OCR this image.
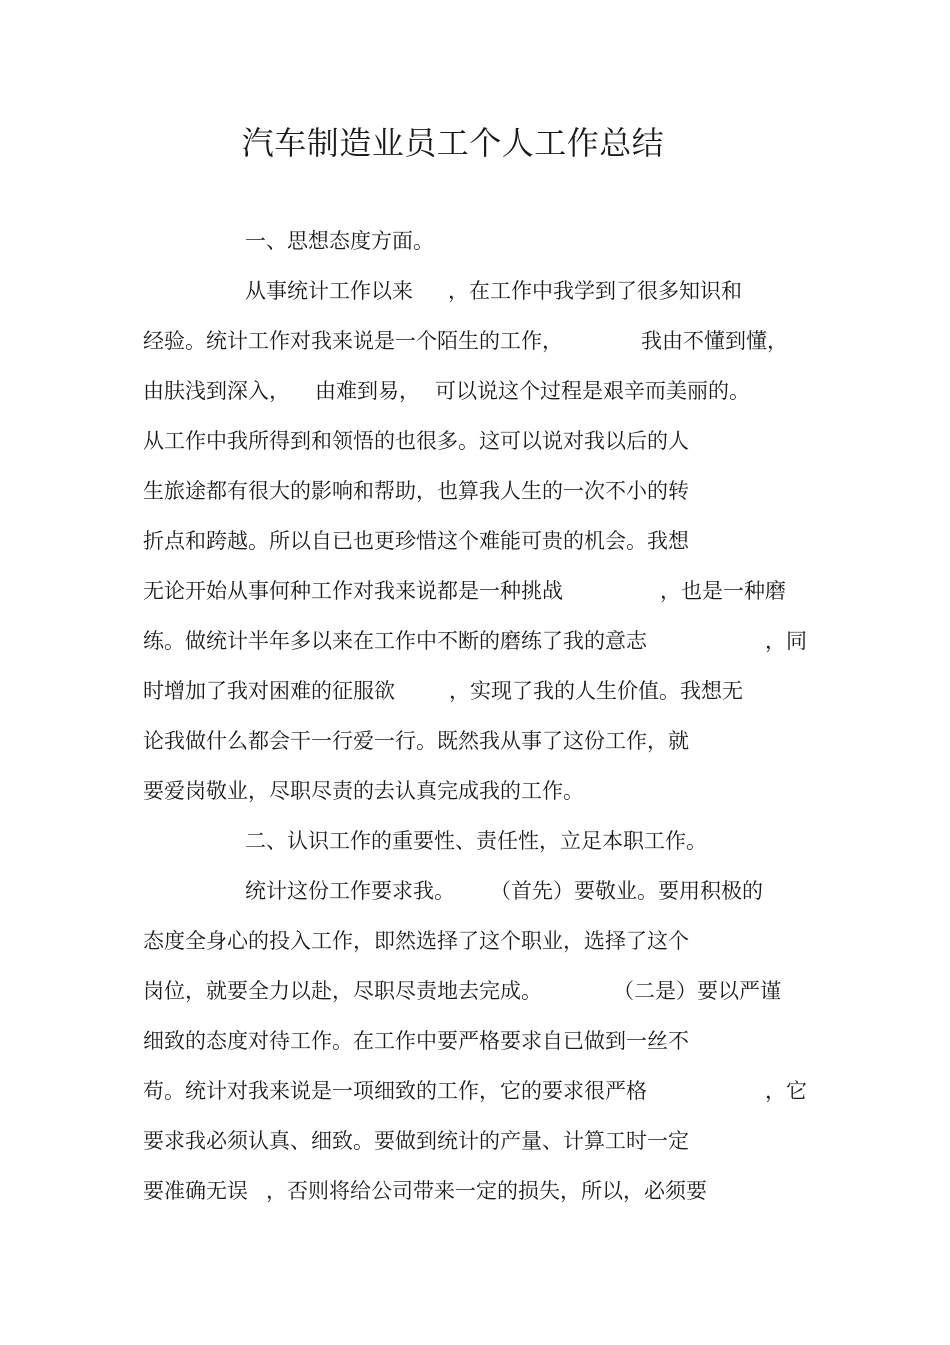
汽车制造业员工个人工作总结
一、思想态度方面。
从事统计工作以来 ，在工作中我学到了很多知识和
经验。统计工作对我来说是一个陌生的工作，	我由不懂到懂，
由肤浅到深入， 由难到易， 可以说这个过程是艰辛而美丽的。
从工作中我所得到和领悟的也很多。这可以说对我以后的人
生旅途都有很大的影响和帮助，也算我人生的一次不小的转
折点和跨越。所以自已也更珍惜这个难能可贵的机会。我想
无论开始从事何种工作对我来说都是一种挑战	，也是一种磨
练。做统计半年多以来在工作中不断的磨练了我的意志	，同
时增加了我对困难的征服欲	，实现了我的人生价值。我想无
论我做什么都会干一行爱一行。既然我从事了这份工作，就
要爱岗敬业，尽职尽责的去认真完成我的工作。
二、认识工作的重要性、责任性，立足本职工作。
统计这份工作要求我。 （首先）要敬业。要用积极的
态度全身心的投入工作，即然选择了这个职业，选择了这个
岗位，就要全力以赴，尽职尽责地去完成。	（二是）要以严谨
细致的态度对待工作。在工作中要严格要求自已做到一丝不
苟。统计对我来说是一项细致的工作，它的要求很严格	，它
要求我必须认真、细致。要做到统计的产量、计算工时一定
要准确无误 ，否则将给公司带来一定的损失，所以，必须要
